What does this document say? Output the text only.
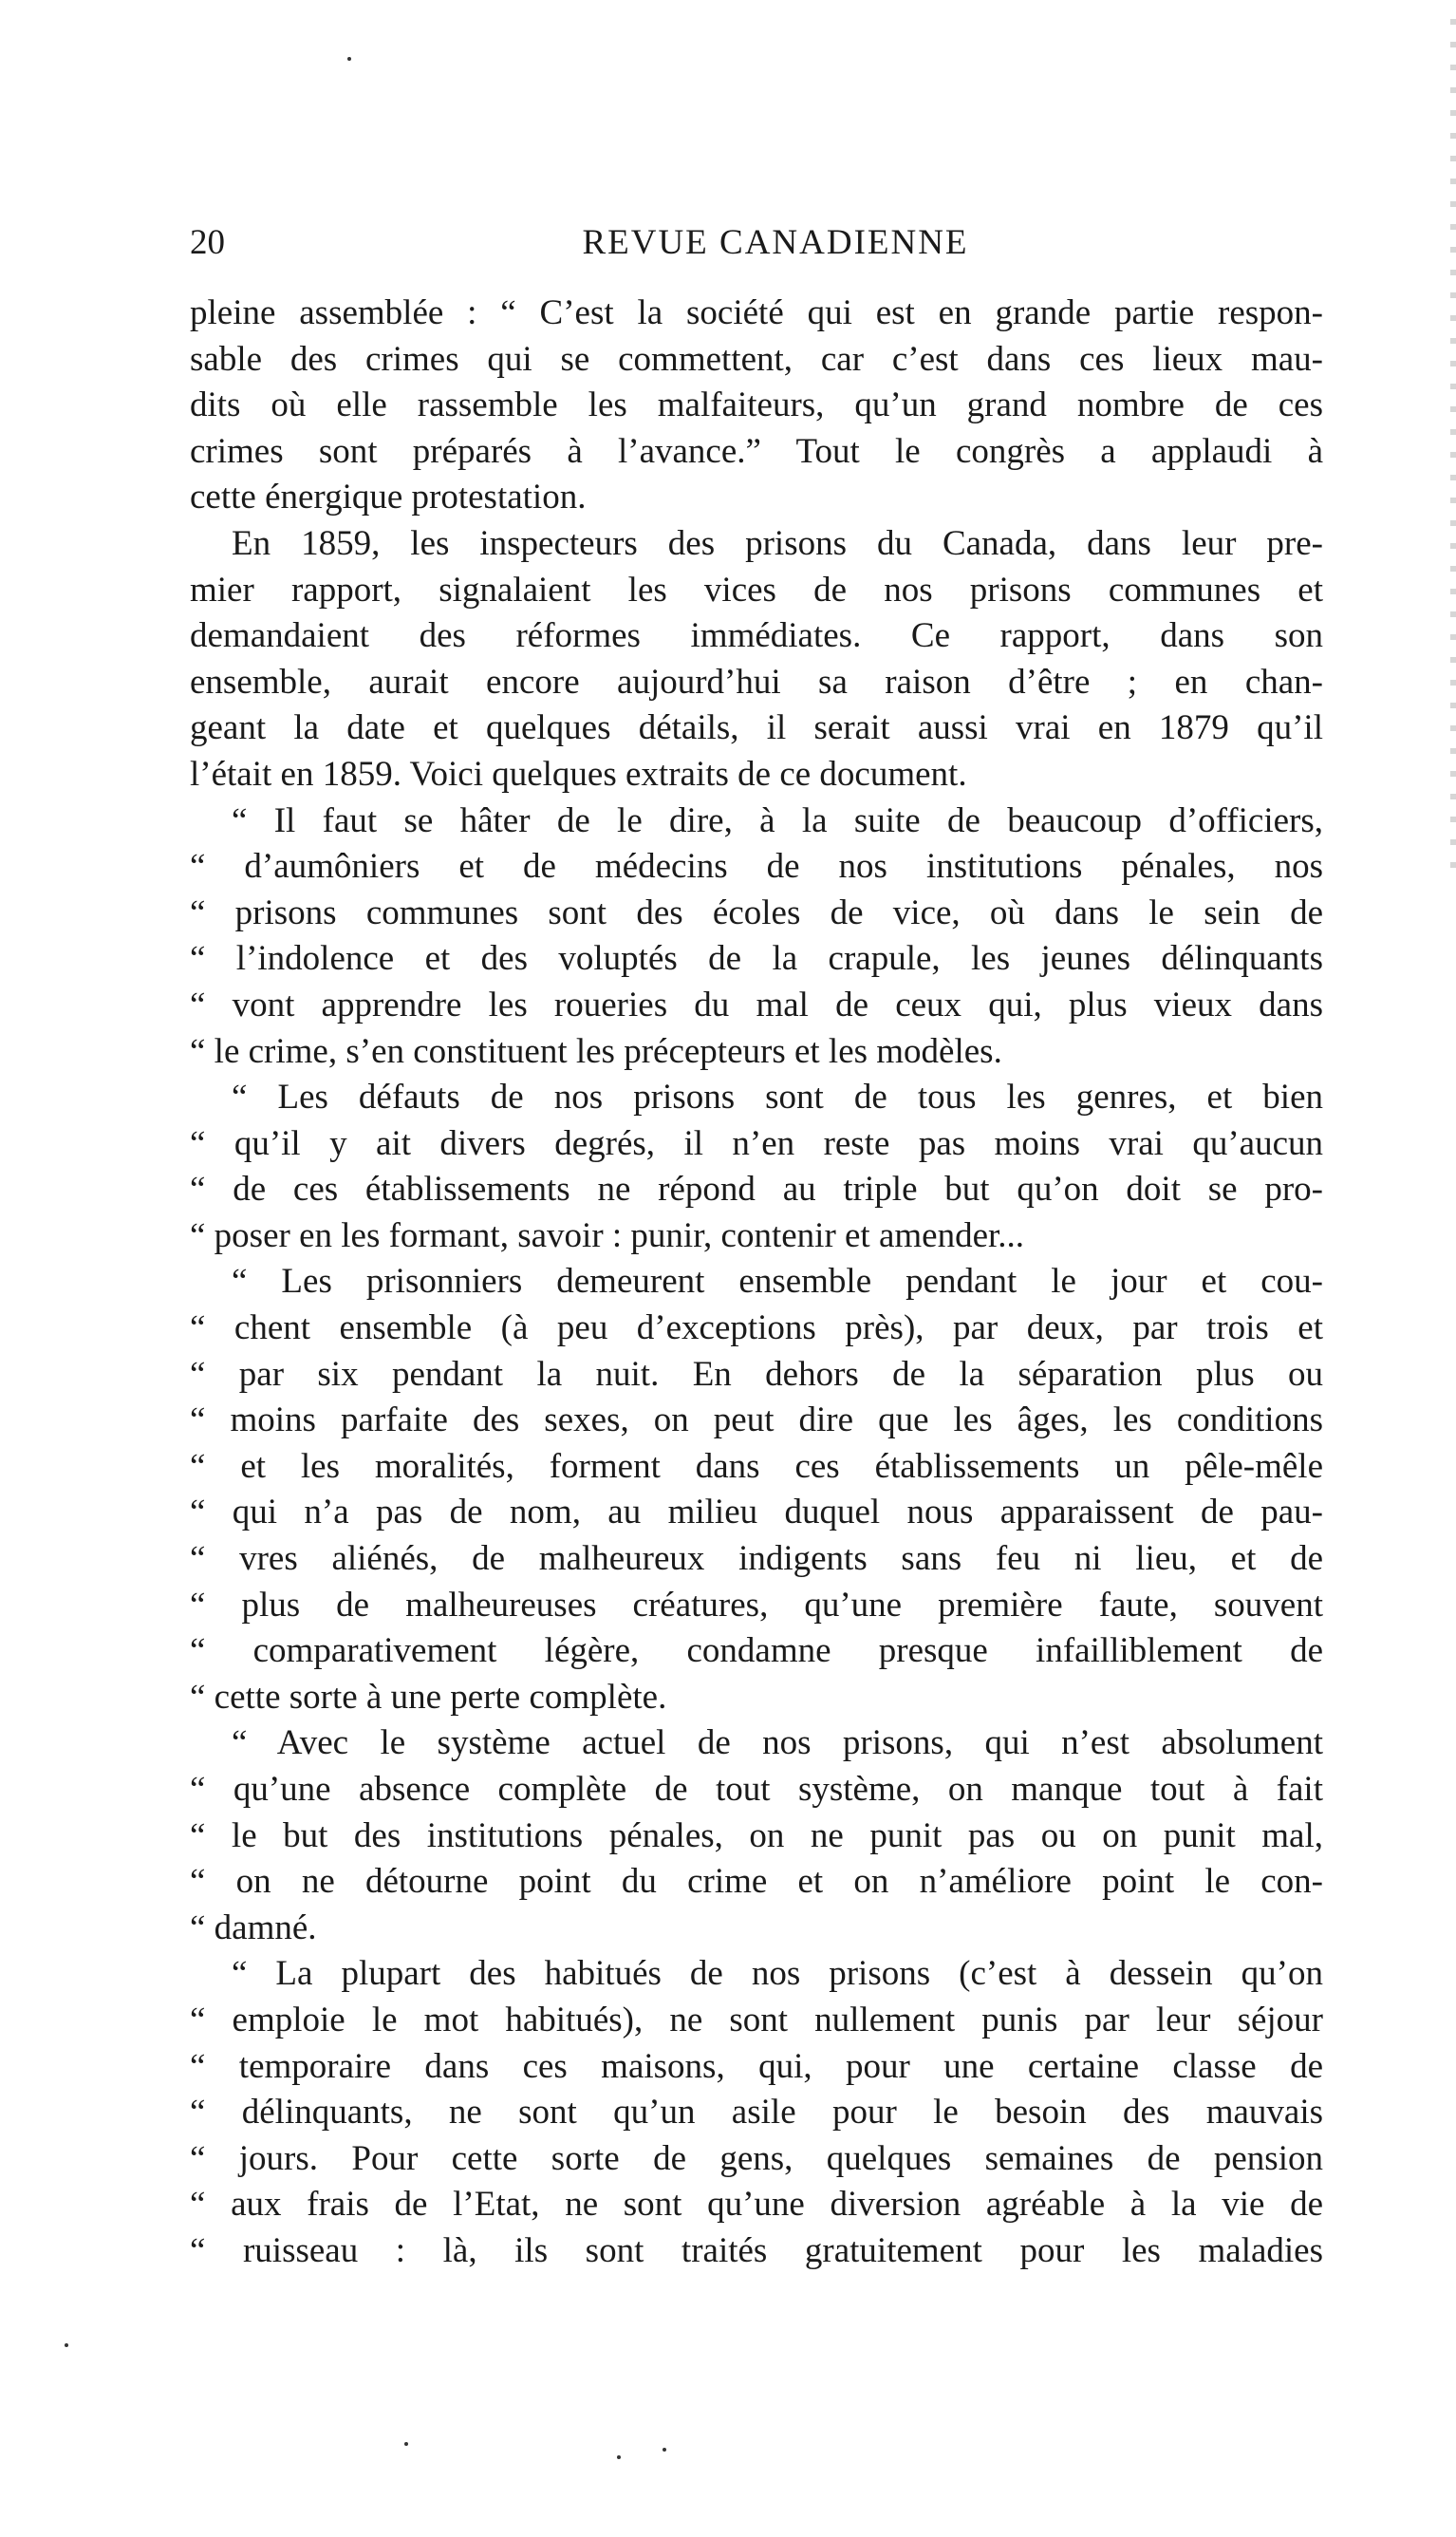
20	REVUE CANADIENNE
pleine assemblée : “ C’est la société qui est en grande partie respon-
sable des crimes qui se commettent, car c’est dans ces lieux mau-
dits où elle rassemble les malfaiteurs, qu’un grand nombre de ces
crimes sont préparés à l’avance.” Tout le congrès a applaudi à
cette énergique protestation.
En 1859, les inspecteurs des prisons du Canada, dans leur pre-
mier rapport, signalaient les vices de nos prisons communes et
demandaient des réformes immédiates. Ce rapport, dans son
ensemble, aurait encore aujourd’hui sa raison d’être ; en chan-
geant la date et quelques détails, il serait aussi vrai en 1879 qu’il
l’était en 1859. Voici quelques extraits de ce document.
“ Il faut se hâter de le dire, à la suite de beaucoup d’officiers,
“ d’aumôniers et de médecins de nos institutions pénales, nos
“ prisons communes sont des écoles de vice, où dans le sein de
“ l’indolence et des voluptés de la crapule, les jeunes délinquants
“ vont apprendre les roueries du mal de ceux qui, plus vieux dans
“ le crime, s’en constituent les précepteurs et les modèles.
“ Les défauts de nos prisons sont de tous les genres, et bien
“ qu’il y ait divers degrés, il n’en reste pas moins vrai qu’aucun
“ de ces établissements ne répond au triple but qu’on doit se pro-
“ poser en les formant, savoir : punir, contenir et amender...
“ Les prisonniers demeurent ensemble pendant le jour et cou-
“ chent ensemble (à peu d’exceptions près), par deux, par trois et
“ par six pendant la nuit. En dehors de la séparation plus ou
“ moins parfaite des sexes, on peut dire que les âges, les conditions
“ et les moralités, forment dans ces établissements un pêle-mêle
“ qui n’a pas de nom, au milieu duquel nous apparaissent de pau-
“ vres aliénés, de malheureux indigents sans feu ni lieu, et de
“ plus de malheureuses créatures, qu’une première faute, souvent
“ comparativement légère, condamne presque infailliblement de
“ cette sorte à une perte complète.
“ Avec le système actuel de nos prisons, qui n’est absolument
“ qu’une absence complète de tout système, on manque tout à fait
“ le but des institutions pénales, on ne punit pas ou on punit mal,
“ on ne détourne point du crime et on n’améliore point le con-
“ damné.
“ La plupart des habitués de nos prisons (c’est à dessein qu’on
“ emploie le mot habitués), ne sont nullement punis par leur séjour
“ temporaire dans ces maisons, qui, pour une certaine classe de
“ délinquants, ne sont qu’un asile pour le besoin des mauvais
“ jours. Pour cette sorte de gens, quelques semaines de pension
“ aux frais de l’Etat, ne sont qu’une diversion agréable à la vie de
“ ruisseau : là, ils sont traités gratuitement pour les maladies
